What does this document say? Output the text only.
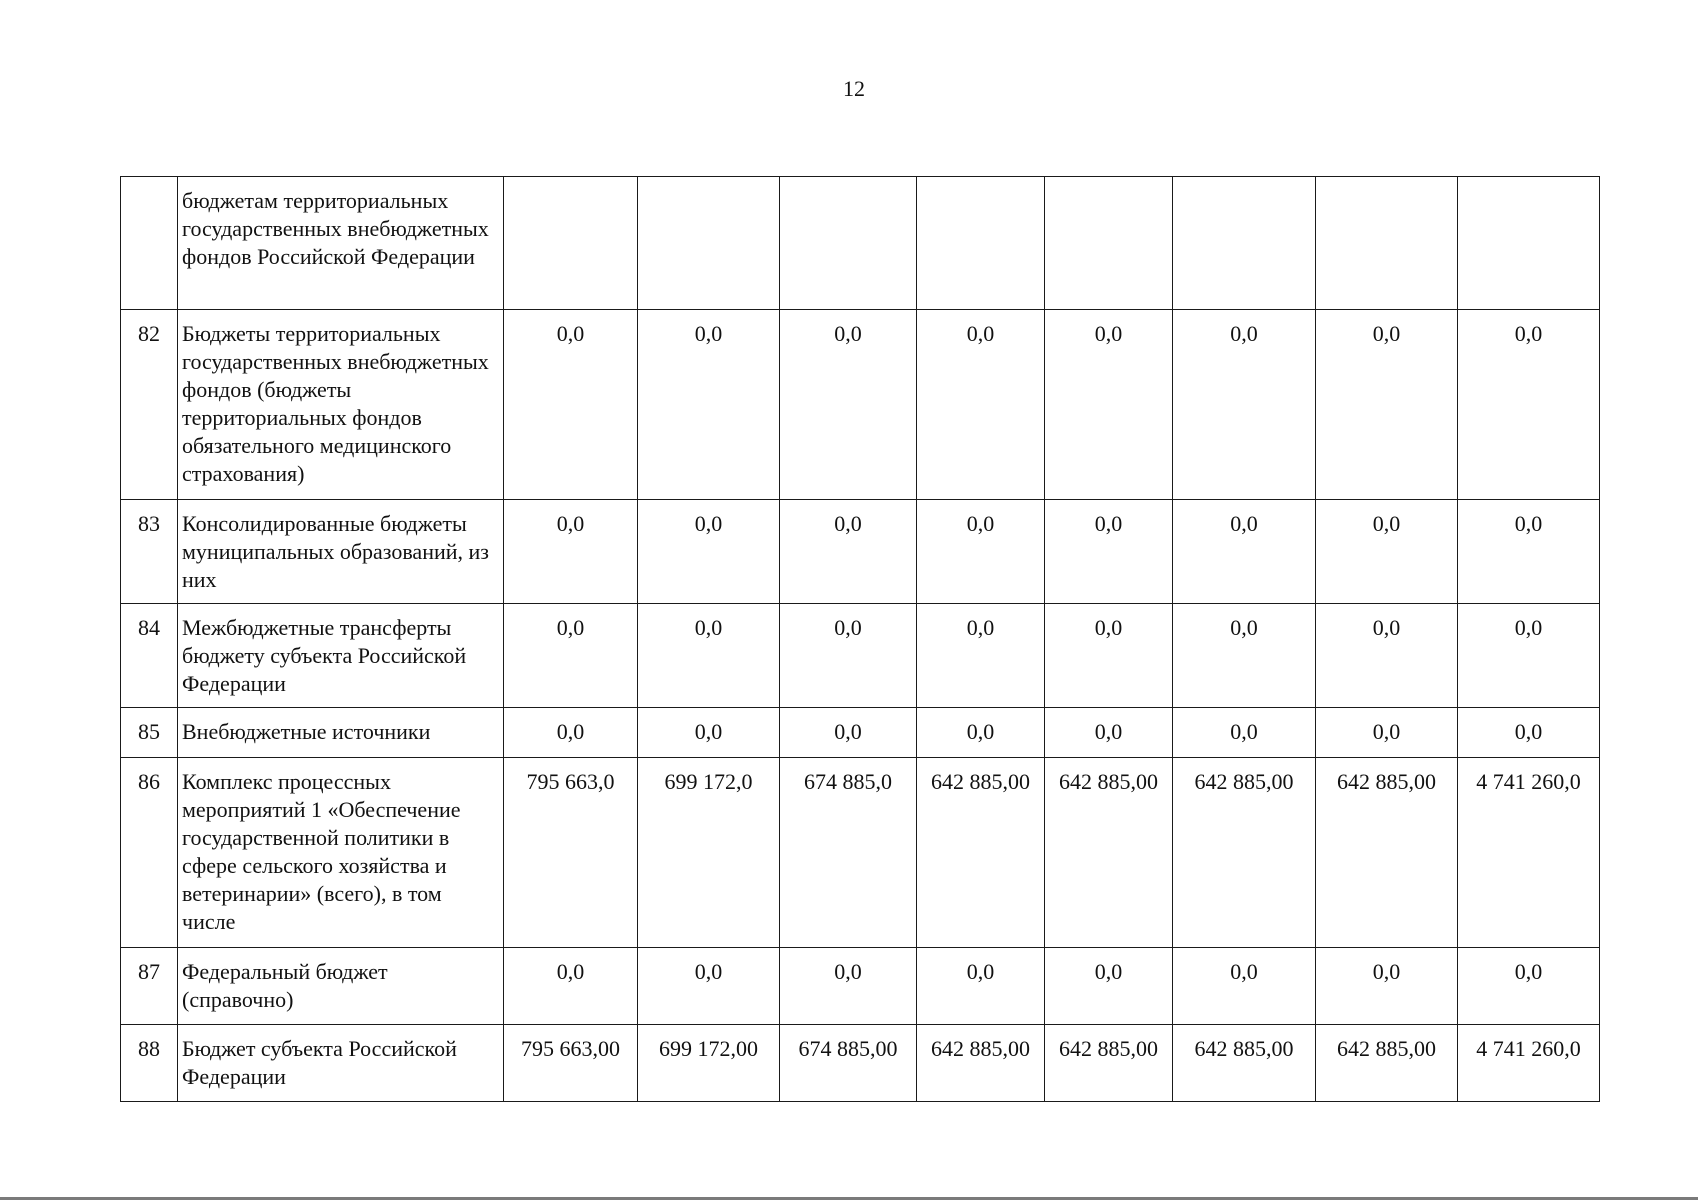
12
	бюджетам территориальных государственных внебюджетных фондов Российской Федерации								
82	Бюджеты территориальных государственных внебюджетных фондов (бюджеты территориальных фондов обязательного медицинского страхования)	0,0	0,0	0,0	0,0	0,0	0,0	0,0	0,0
83	Консолидированные бюджеты муниципальных образований, из них	0,0	0,0	0,0	0,0	0,0	0,0	0,0	0,0
84	Межбюджетные трансферты бюджету субъекта Российской Федерации	0,0	0,0	0,0	0,0	0,0	0,0	0,0	0,0
85	Внебюджетные источники	0,0	0,0	0,0	0,0	0,0	0,0	0,0	0,0
86	Комплекс процессных мероприятий 1 «Обеспечение государственной политики в сфере сельского хозяйства и ветеринарии» (всего), в том числе	795 663,0	699 172,0	674 885,0	642 885,00	642 885,00	642 885,00	642 885,00	4 741 260,0
87	Федеральный бюджет (справочно)	0,0	0,0	0,0	0,0	0,0	0,0	0,0	0,0
88	Бюджет субъекта Российской Федерации	795 663,00	699 172,00	674 885,00	642 885,00	642 885,00	642 885,00	642 885,00	4 741 260,0
